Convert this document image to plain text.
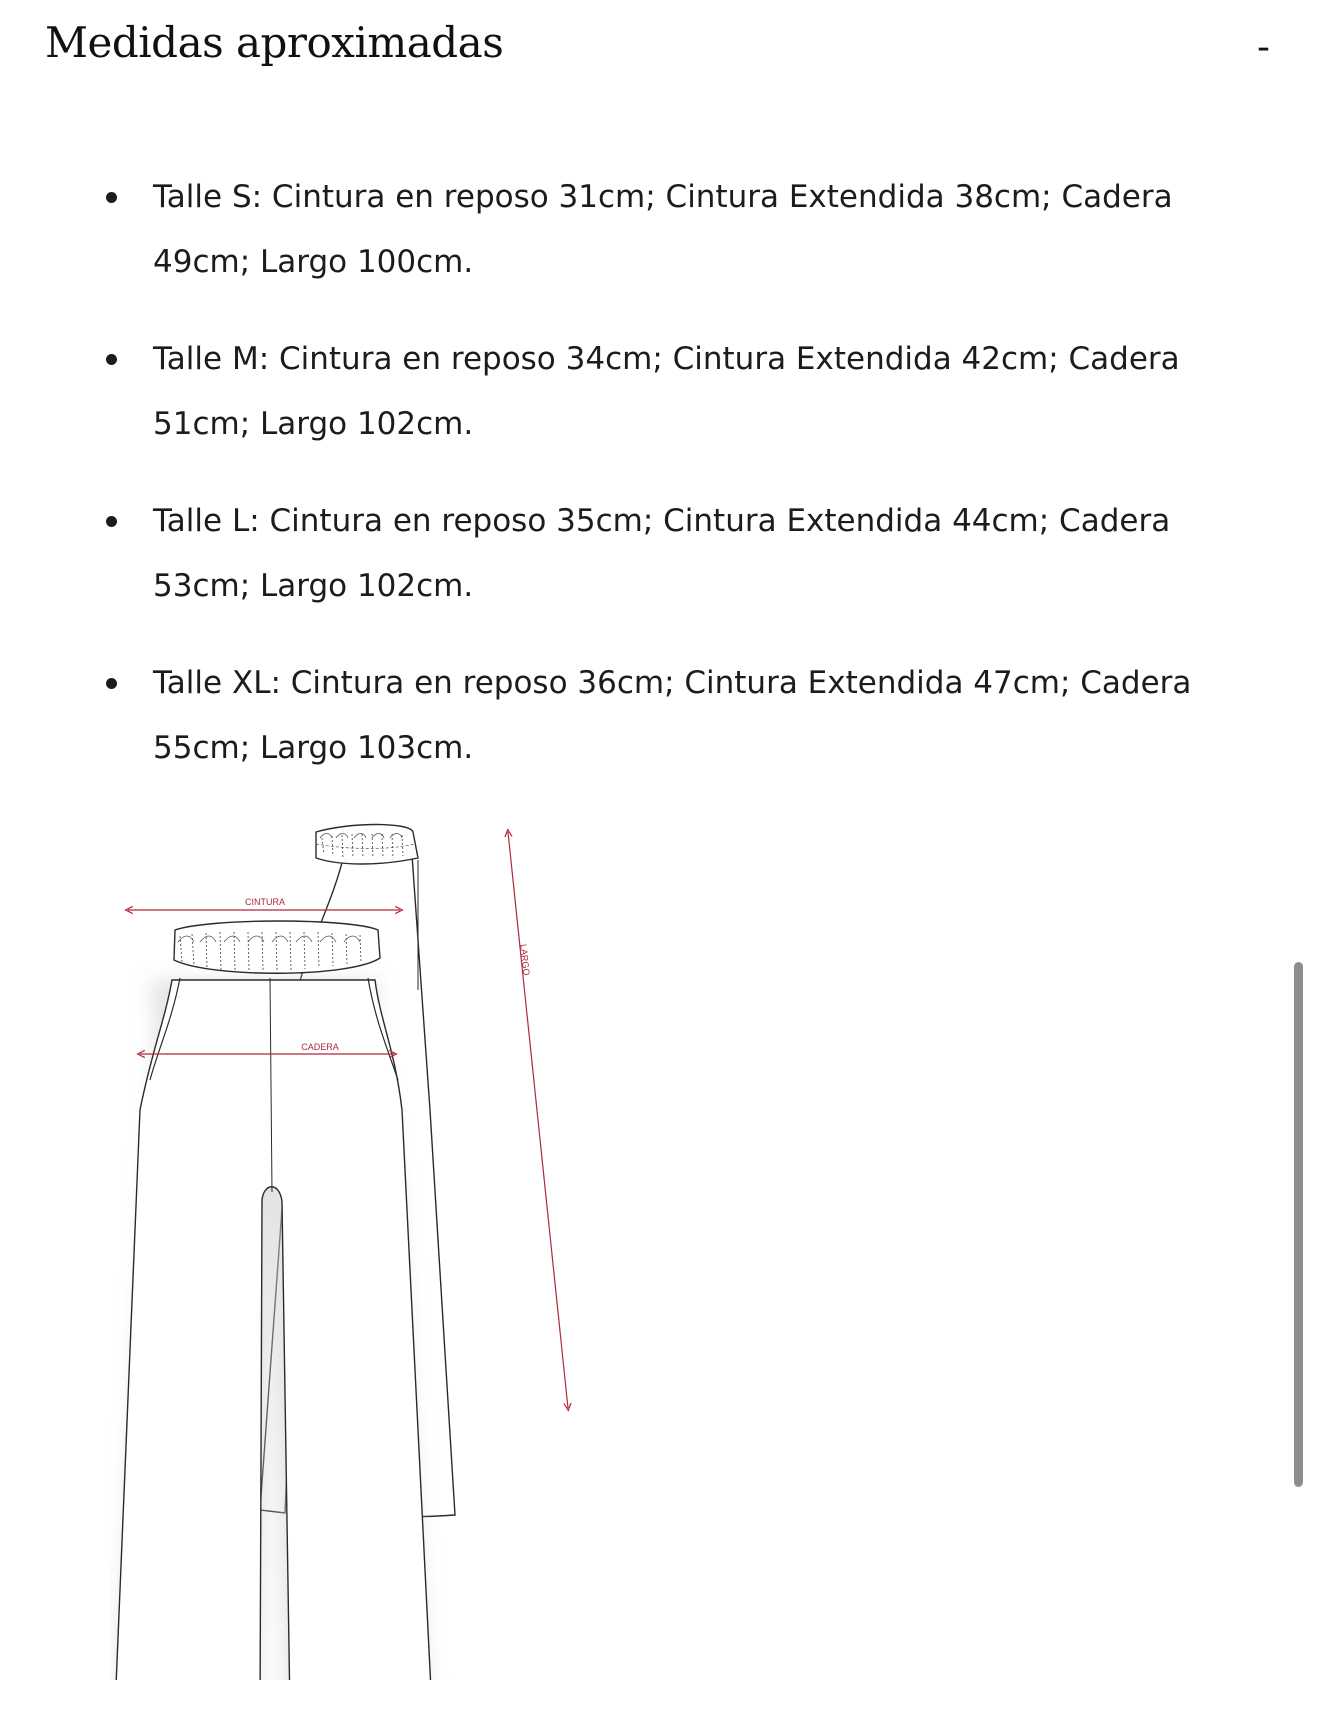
Medidas aproximadas	-
Talle S: Cintura en reposo 31cm; Cintura Extendida 38cm; Cadera
49cm; Largo 100cm.
Talle M: Cintura en reposo 34cm; Cintura Extendida 42cm; Cadera
51cm; Largo 102cm.
Talle L: Cintura en reposo 35cm; Cintura Extendida 44cm; Cadera
53cm; Largo 102cm.
Talle XL: Cintura en reposo 36cm; Cintura Extendida 47cm; Cadera
55cm; Largo 103cm.
CINTURA
CADERA
LARGO
